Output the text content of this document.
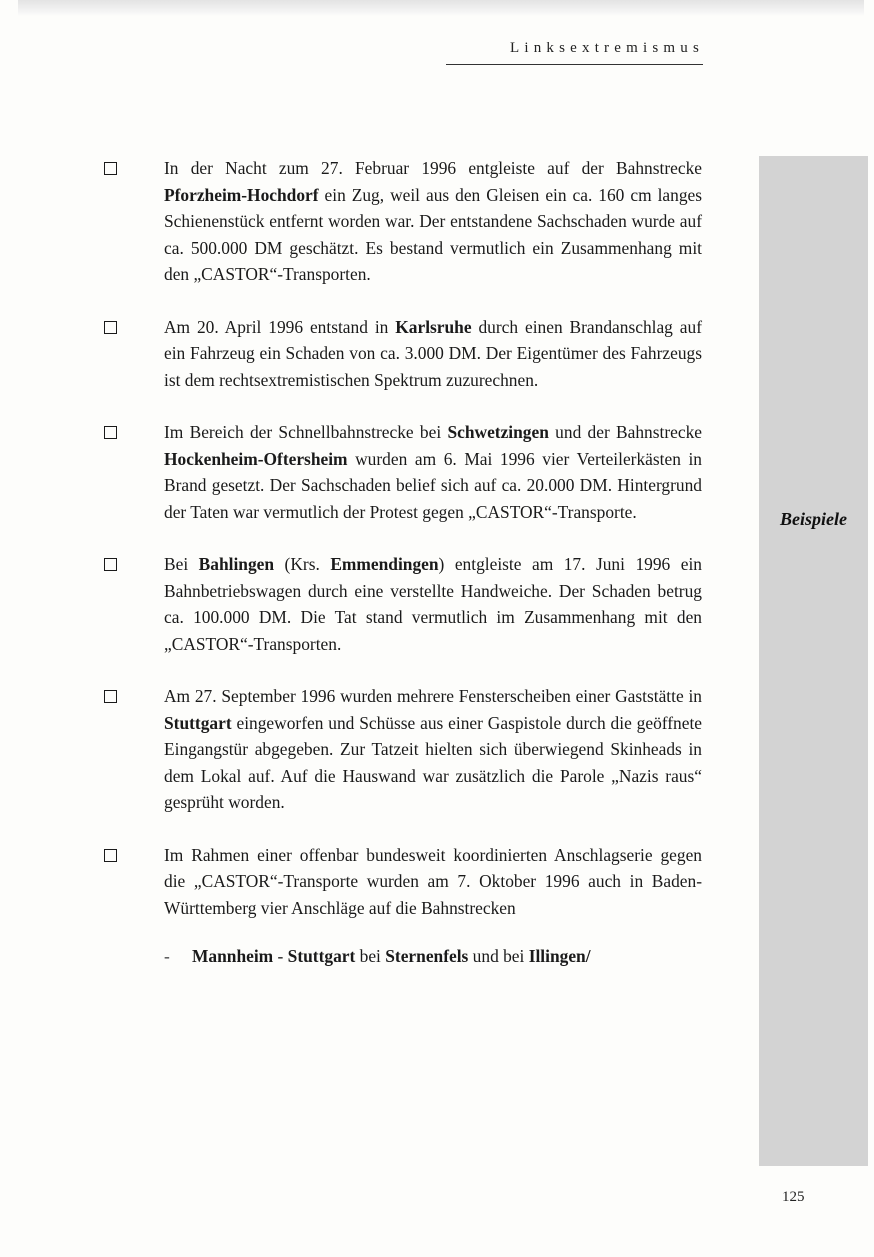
Linksextremismus
Beispiele
In der Nacht zum 27. Februar 1996 entgleiste auf der Bahnstrecke Pforzheim-Hochdorf ein Zug, weil aus den Gleisen ein ca. 160 cm langes Schienenstück entfernt worden war. Der entstandene Sachschaden wurde auf ca. 500.000 DM geschätzt. Es bestand vermutlich ein Zusammenhang mit den „CASTOR“-Transporten.
Am 20. April 1996 entstand in Karlsruhe durch einen Brandanschlag auf ein Fahrzeug ein Schaden von ca. 3.000 DM. Der Eigentümer des Fahrzeugs ist dem rechtsextremistischen Spektrum zuzurechnen.
Im Bereich der Schnellbahnstrecke bei Schwetzingen und der Bahnstrecke Hockenheim-Oftersheim wurden am 6. Mai 1996 vier Verteilerkästen in Brand gesetzt. Der Sachschaden belief sich auf ca. 20.000 DM. Hintergrund der Taten war vermutlich der Protest gegen „CASTOR“-Transporte.
Bei Bahlingen (Krs. Emmendingen) entgleiste am 17. Juni 1996 ein Bahnbetriebswagen durch eine verstellte Handweiche. Der Schaden betrug ca. 100.000 DM. Die Tat stand vermutlich im Zusammenhang mit den „CASTOR“-Transporten.
Am 27. September 1996 wurden mehrere Fensterscheiben einer Gaststätte in Stuttgart eingeworfen und Schüsse aus einer Gaspistole durch die geöffnete Eingangstür abgegeben. Zur Tatzeit hielten sich überwiegend Skinheads in dem Lokal auf. Auf die Hauswand war zusätzlich die Parole „Nazis raus“ gesprüht worden.
Im Rahmen einer offenbar bundesweit koordinierten Anschlagserie gegen die „CASTOR“-Transporte wurden am 7. Oktober 1996 auch in Baden-Württemberg vier Anschläge auf die Bahnstrecken
- Mannheim - Stuttgart bei Sternenfels und bei Illingen/
125
